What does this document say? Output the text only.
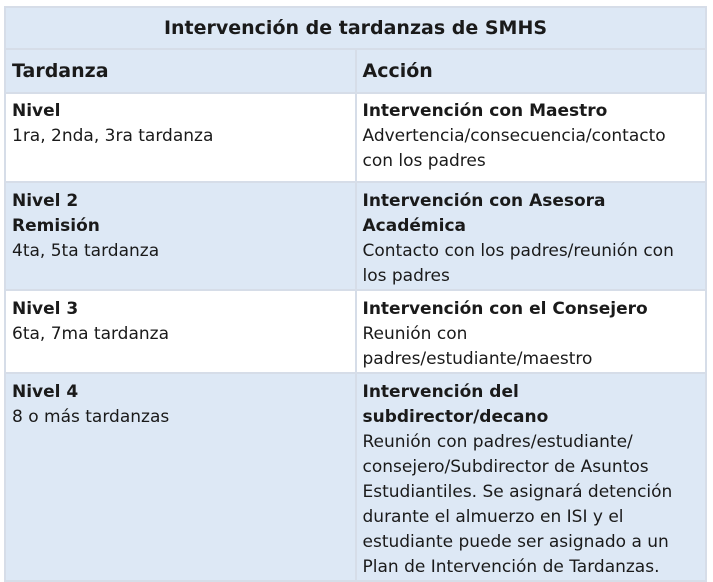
Intervención de tardanzas de SMHS	
Tardanza	Acción

Nivel
1ra, 2nda, 3ra tardanza	Intervención con Maestro
Advertencia/consecuencia/contacto con los padres

Nivel 2
Remisión
4ta, 5ta tardanza	Intervención con Asesora Académica
Contacto con los padres/reunión con los padres

Nivel 3
6ta, 7ma tardanza	Intervención con el Consejero
Reunión con padres/estudiante/maestro

Nivel 4
8 o más tardanzas	Intervención del subdirector/decano
Reunión con padres/estudiante/ consejero/Subdirector de Asuntos Estudiantiles. Se asignará detención durante el almuerzo en ISI y el estudiante puede ser asignado a un Plan de Intervención de Tardanzas.
